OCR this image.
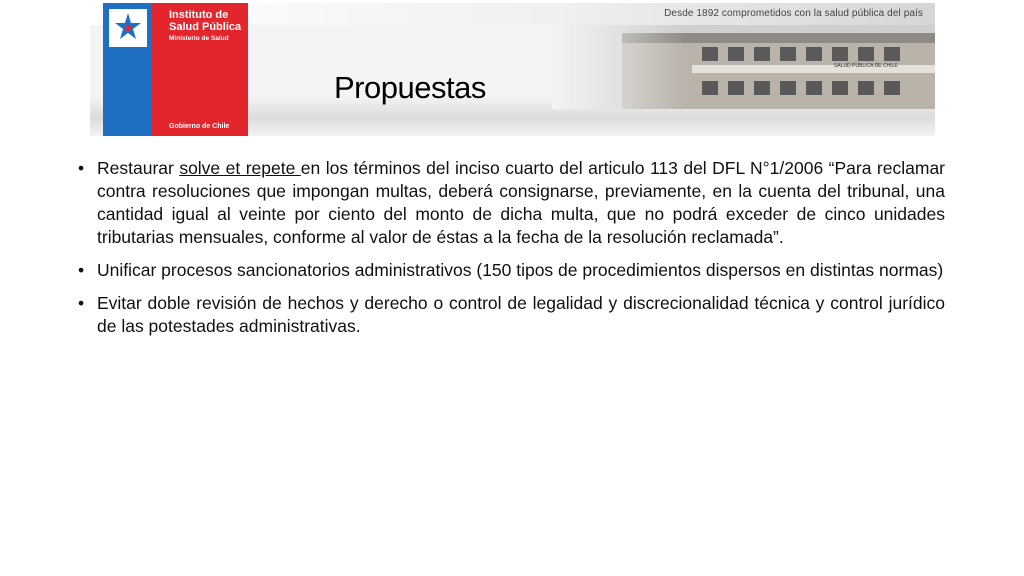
Desde 1892 comprometidos con la salud pública del país
SALUD PÚBLICA DE CHILE
Instituto de
Salud Pública
Ministerio de Salud
Gobierno de Chile
Propuestas
• Restaurar solve et repete en los términos del inciso cuarto del articulo 113 del DFL N°1/2006 “Para reclamar contra resoluciones que impongan multas, deberá consignarse, previamente, en la cuenta del tribunal, una cantidad igual al veinte por ciento del monto de dicha multa, que no podrá exceder de cinco unidades tributarias mensuales, conforme al valor de éstas a la fecha de la resolución reclamada”.
• Unificar procesos sancionatorios administrativos (150 tipos de procedimientos dispersos en distintas normas)
• Evitar doble revisión de hechos y derecho o control de legalidad y discrecionalidad técnica y control jurídico de las potestades administrativas.
